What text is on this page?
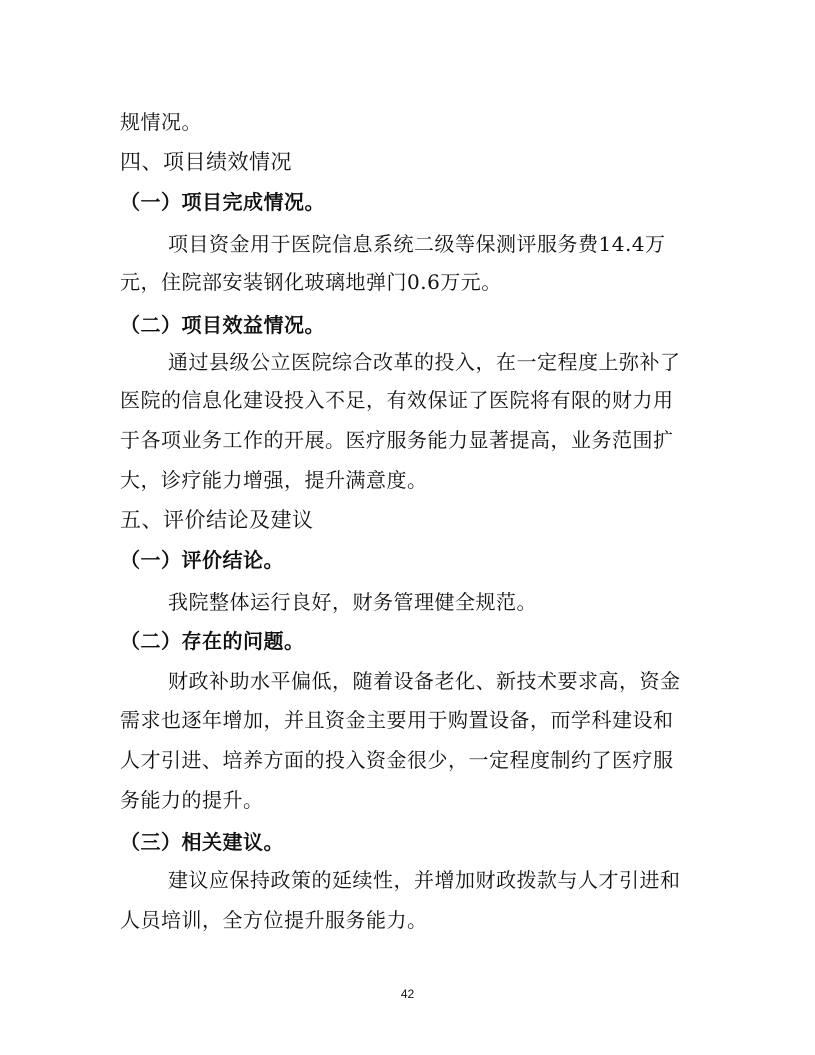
规情况。
四、项目绩效情况
（一）项目完成情况。
项目资金用于医院信息系统二级等保测评服务费14.4万
元，住院部安装钢化玻璃地弹门0.6万元。
（二）项目效益情况。
通过县级公立医院综合改革的投入，在一定程度上弥补了
医院的信息化建设投入不足，有效保证了医院将有限的财力用
于各项业务工作的开展。医疗服务能力显著提高，业务范围扩
大，诊疗能力增强，提升满意度。
五、评价结论及建议
（一）评价结论。
我院整体运行良好，财务管理健全规范。
（二）存在的问题。
财政补助水平偏低，随着设备老化、新技术要求高，资金
需求也逐年增加，并且资金主要用于购置设备，而学科建设和
人才引进、培养方面的投入资金很少，一定程度制约了医疗服
务能力的提升。
（三）相关建议。
建议应保持政策的延续性，并增加财政拨款与人才引进和
人员培训，全方位提升服务能力。
42
